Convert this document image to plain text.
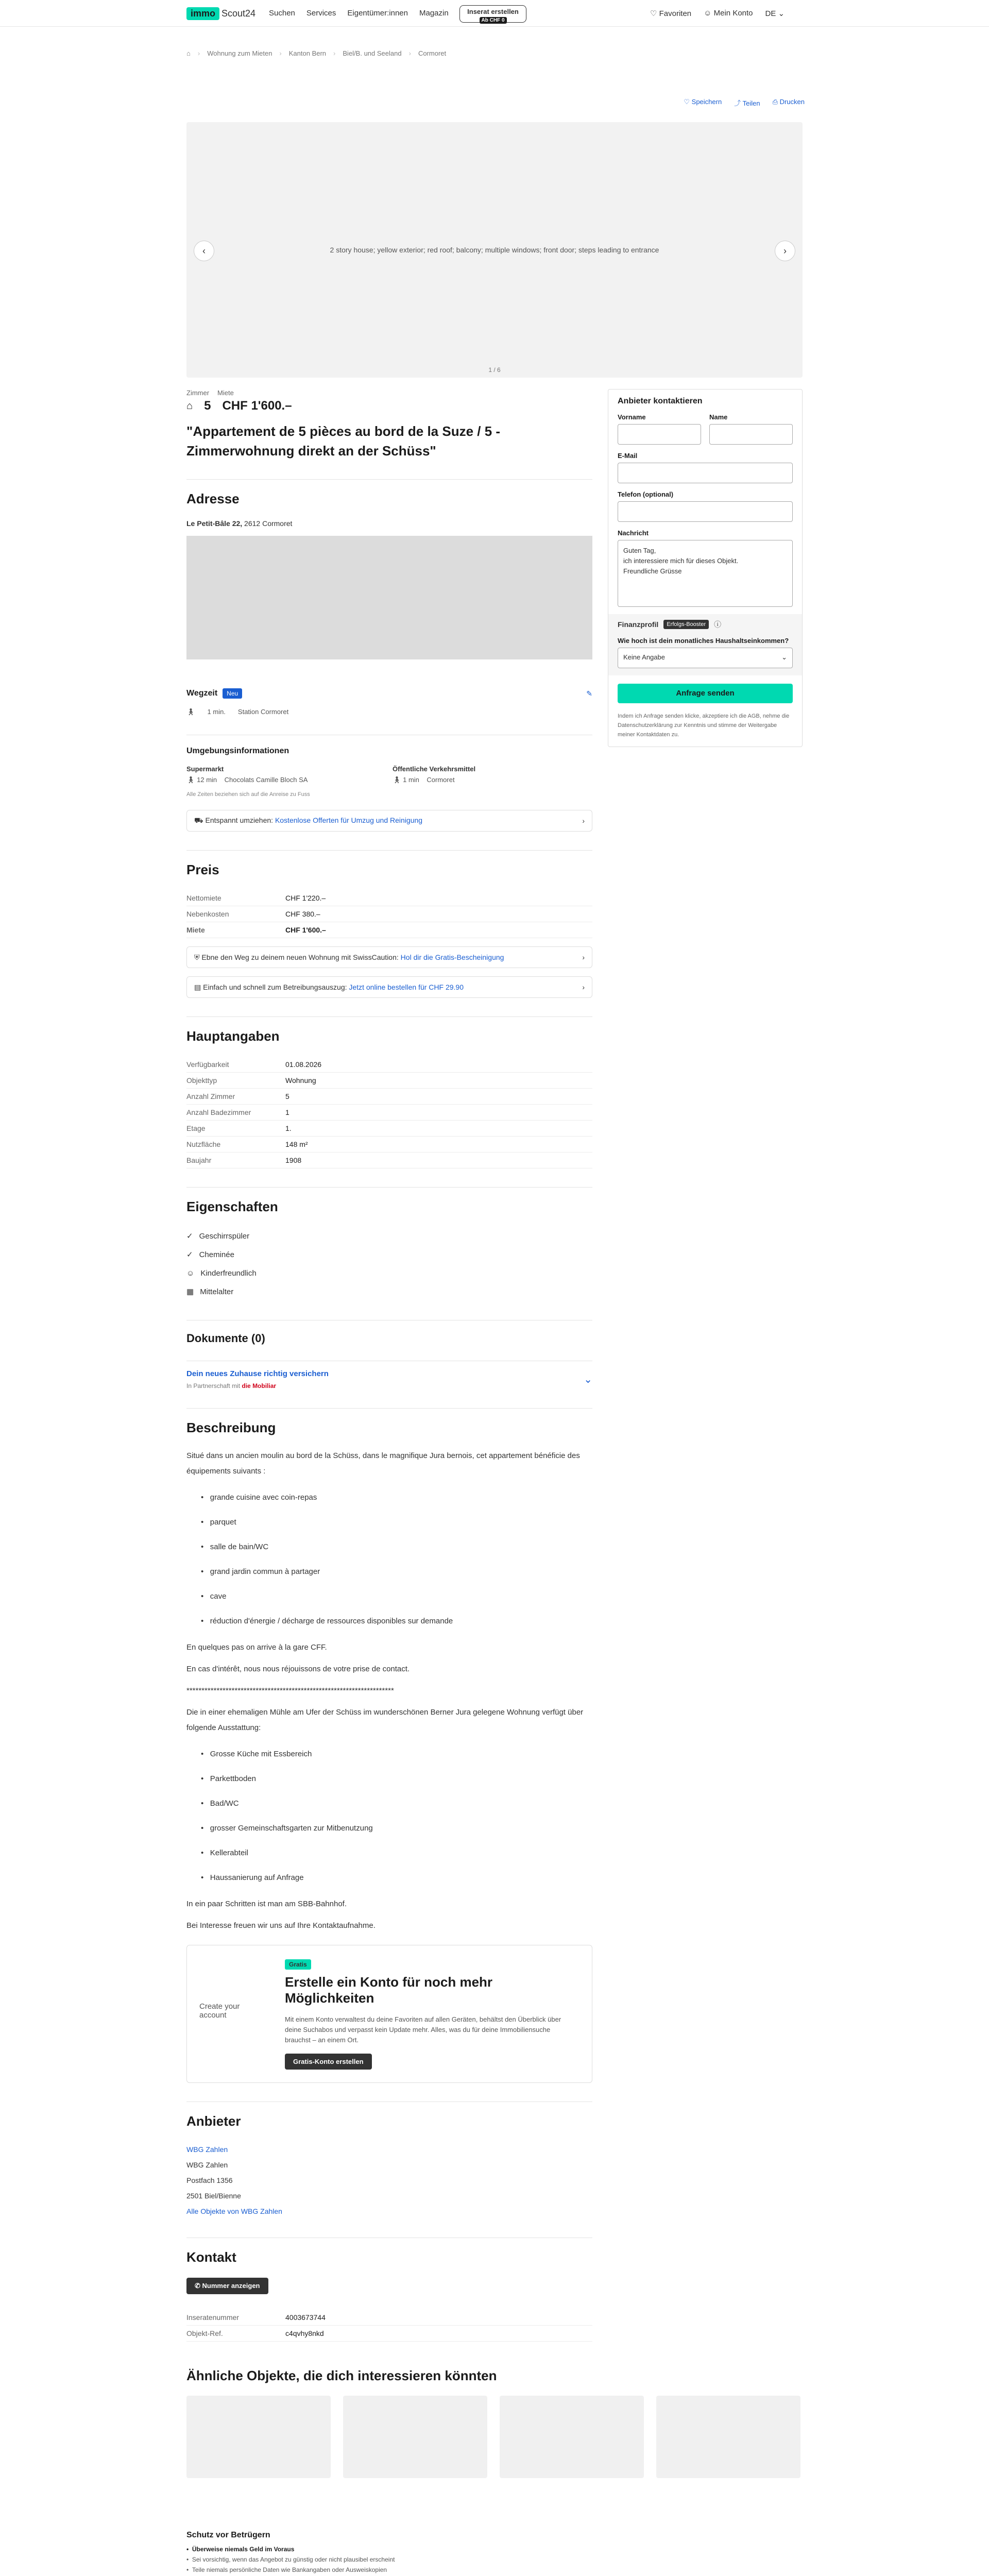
immo Scout24 Suchen Services Eigentümer:innen Magazin	Inserat erstellen
Ab CHF 0
♡ Favoriten ☺ Mein Konto DE ⌄
⌂ › Wohnung zum Mieten › Kanton Bern › Biel/B. und Seeland › Cormoret
♡ Speichern ⤴ Teilen ⎙ Drucken
2 story house; yellow exterior; red roof; balcony; multiple windows; front door; steps leading to entrance
‹	›
1 / 6
Zimmer Miete
⌂ 5 CHF 1'600.–
"Appartement de 5 pièces au bord de la Suze / 5 -Zimmerwohnung direkt an der Schüss"
Adresse
Le Petit-Bâle 22, 2612 Cormoret
Wegzeit	Neu	✎
🚶︎ 1 min. Station Cormoret
Umgebungsinformationen
Supermarkt
🚶︎ 12 min Chocolats Camille Bloch SA
Öffentliche Verkehrsmittel
🚶︎ 1 min Cormoret
Alle Zeiten beziehen sich auf die Anreise zu Fuss
⛟ Entspannt umziehen: Kostenlose Offerten für Umzug und Reinigung	›
Preis
Nettomiete	CHF 1'220.–
Nebenkosten	CHF 380.–
Miete	CHF 1'600.–
⛨ Ebne den Weg zu deinem neuen Wohnung mit SwissCaution: Hol dir die Gratis-Bescheinigung	›
▤ Einfach und schnell zum Betreibungsauszug: Jetzt online bestellen für CHF 29.90	›
Hauptangaben
Verfügbarkeit	01.08.2026
Objekttyp	Wohnung
Anzahl Zimmer	5
Anzahl Badezimmer	1
Etage	1.
Nutzfläche	148 m²
Baujahr	1908
Eigenschaften
✓ Geschirrspüler
✓ Cheminée
☺ Kinderfreundlich
▦ Mittelalter
Dokumente (0)
Dein neues Zuhause richtig versichern
In Partnerschaft mit die Mobiliar
⌄
Beschreibung
Situé dans un ancien moulin au bord de la Schüss, dans le magnifique Jura bernois, cet appartement bénéficie des équipements suivants :
•   grande cuisine avec coin-repas
•   parquet
•   salle de bain/WC
•   grand jardin commun à partager
•   cave
•   réduction d'énergie / décharge de ressources disponibles sur demande
En quelques pas on arrive à la gare CFF.
En cas d'intérêt, nous nous réjouissons de votre prise de contact.
*********************************************************************
Die in einer ehemaligen Mühle am Ufer der Schüss im wunderschönen Berner Jura gelegene Wohnung verfügt über folgende Ausstattung:
•   Grosse Küche mit Essbereich
•   Parkettboden
•   Bad/WC
•   grosser Gemeinschaftsgarten zur Mitbenutzung
•   Kellerabteil
•   Haussanierung auf Anfrage
In ein paar Schritten ist man am SBB-Bahnhof.
Bei Interesse freuen wir uns auf Ihre Kontaktaufnahme.
Create your account
Gratis
Erstelle ein Konto für noch mehr Möglichkeiten
Mit einem Konto verwaltest du deine Favoriten auf allen Geräten, behältst den Überblick über deine Suchabos und verpasst kein Update mehr. Alles, was du für deine Immobiliensuche brauchst – an einem Ort.
Gratis-Konto erstellen
Anbieter
WBG Zahlen
WBG Zahlen
Postfach 1356
2501 Biel/Bienne
Alle Objekte von WBG Zahlen
Kontakt
✆ Nummer anzeigen
Inseratenummer	4003673744
Objekt-Ref.	c4qvhy8nkd
Anbieter kontaktieren
Vorname	Name
E-Mail
Telefon (optional)
Nachricht
Guten Tag,
ich interessiere mich für dieses Objekt.
Freundliche Grüsse
Finanzprofil	Erfolgs-Booster	ⓘ
Wie hoch ist dein monatliches Haushaltseinkommen?
Keine Angabe	⌄
Anfrage senden
Indem ich Anfrage senden klicke, akzeptiere ich die AGB, nehme die Datenschutzerklärung zur Kenntnis und stimme der Weitergabe meiner Kontaktdaten zu.
Ähnliche Objekte, die dich interessieren könnten
Schutz vor Betrügern
•  Überweise niemals Geld im Voraus
•  Sei vorsichtig, wenn das Angebot zu günstig oder nicht plausibel erscheint
•  Teile niemals persönliche Daten wie Bankangaben oder Ausweiskopien
